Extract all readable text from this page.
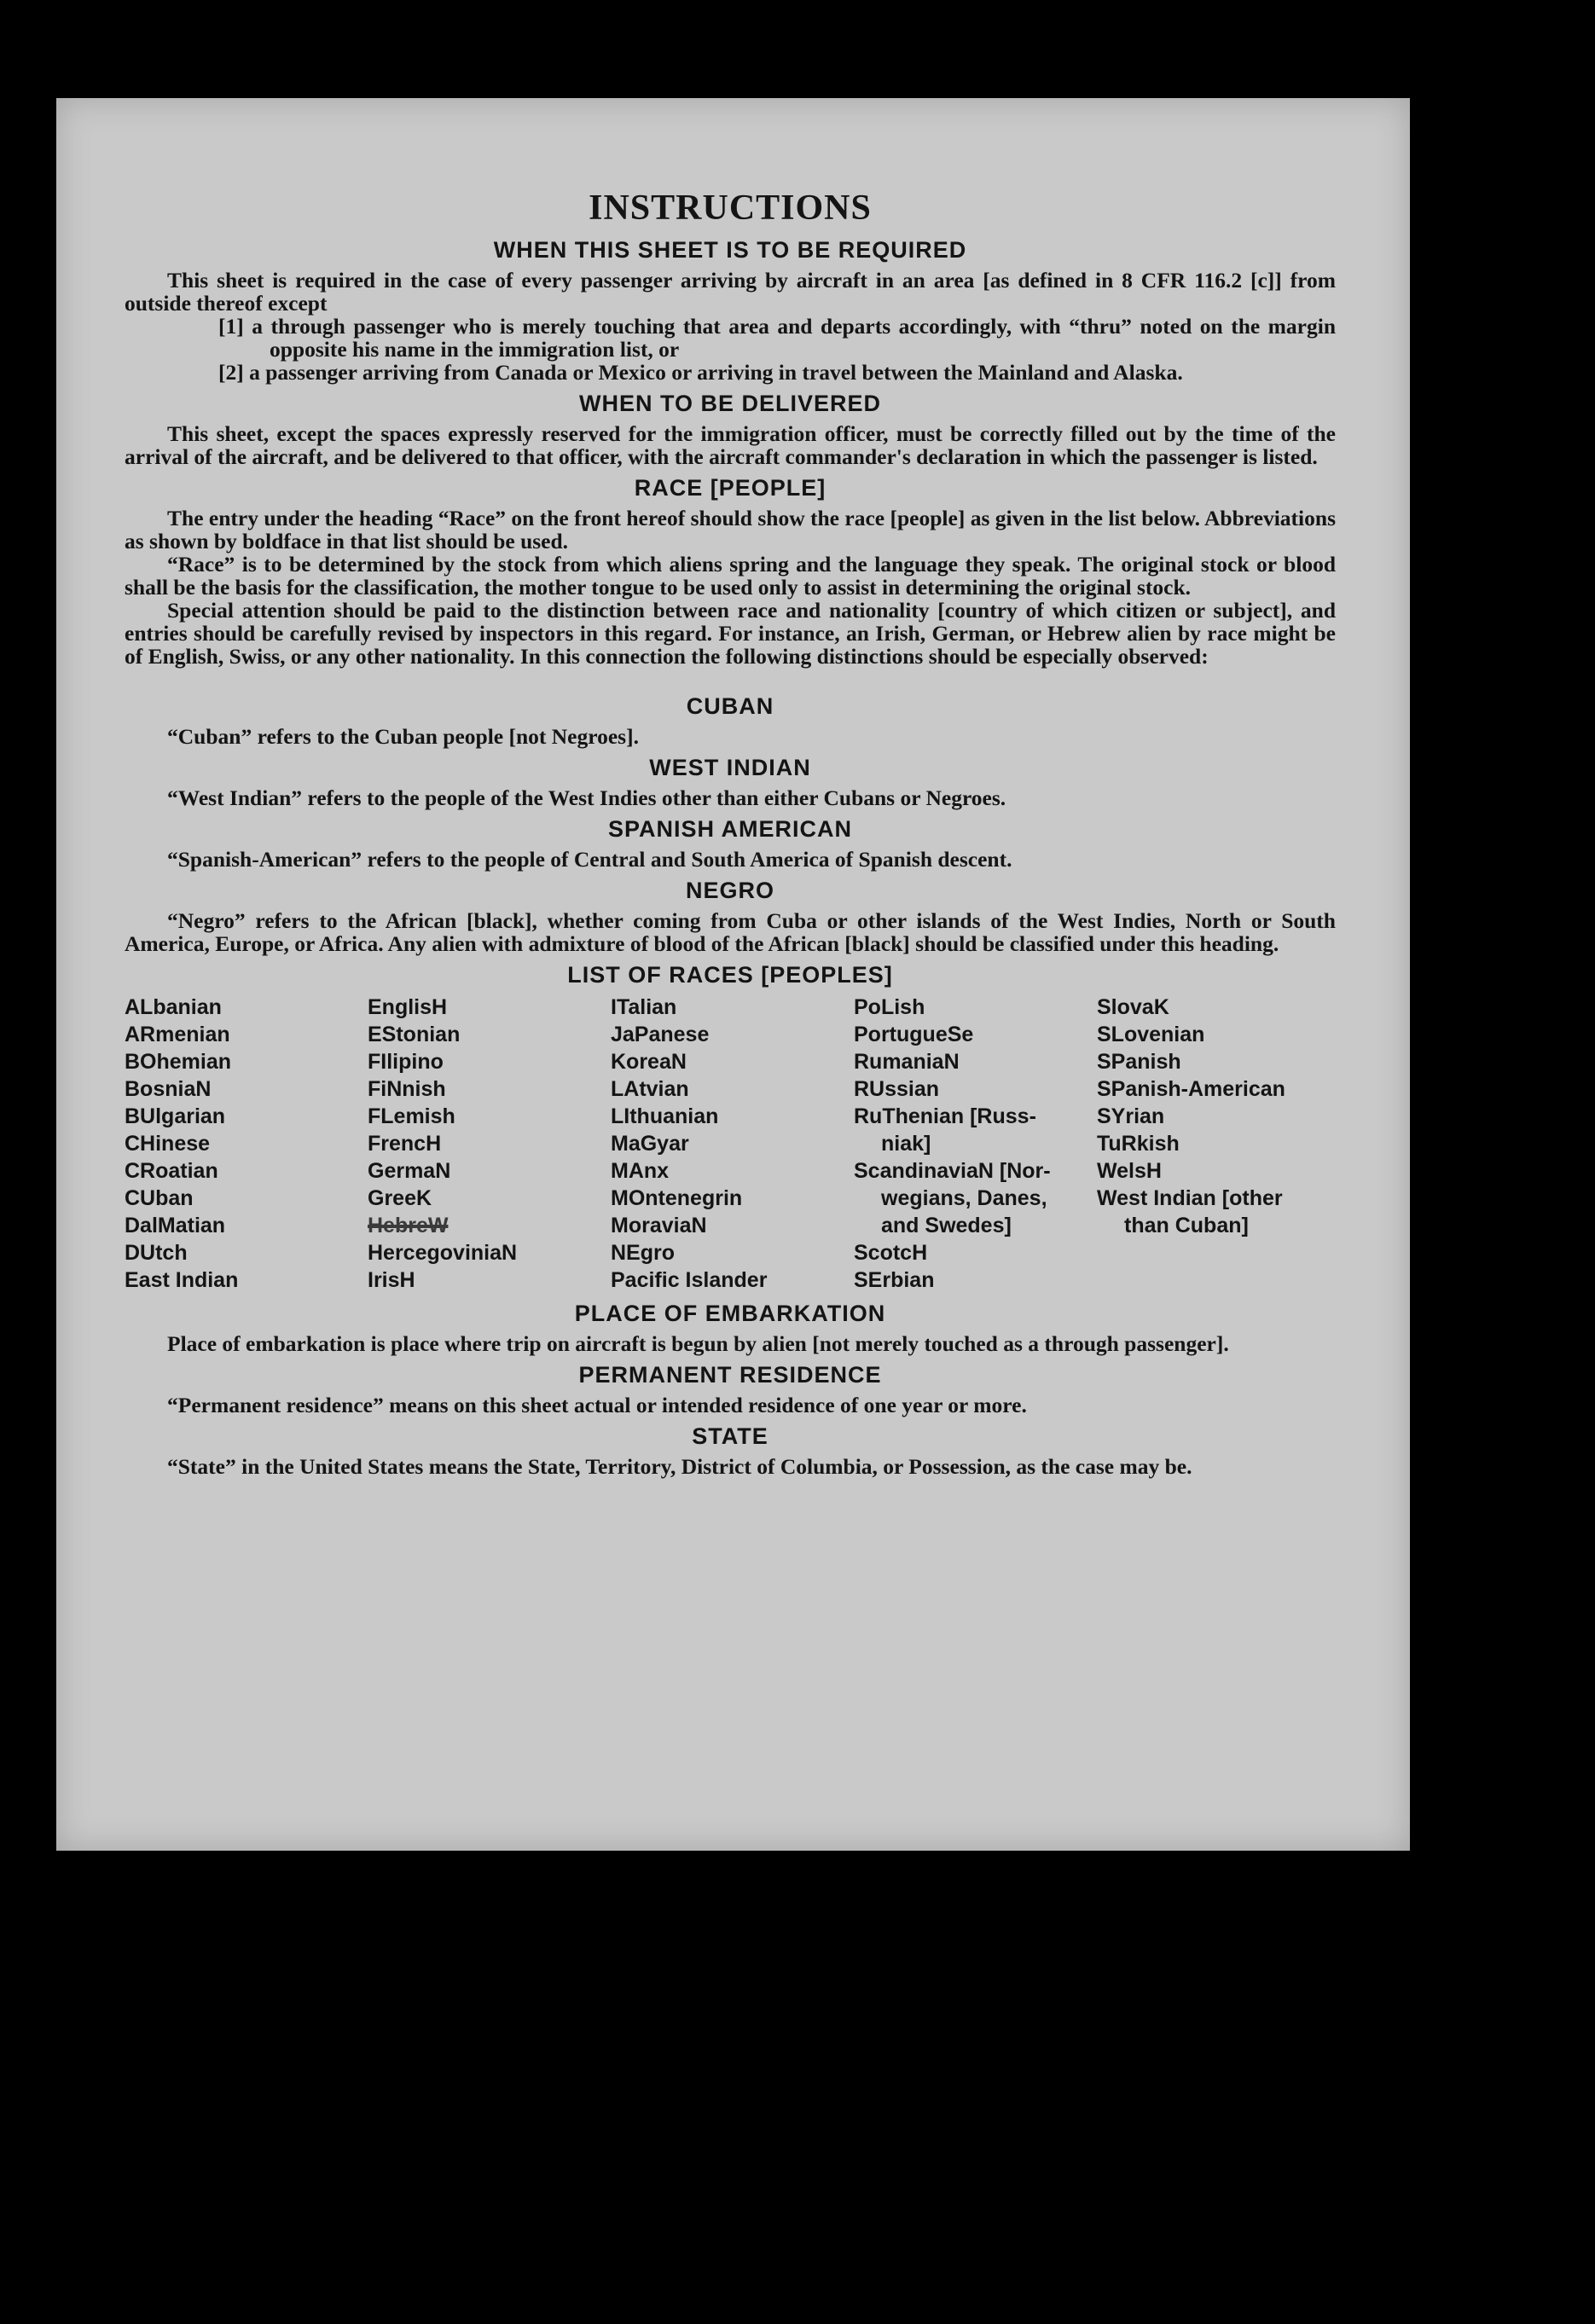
INSTRUCTIONS
WHEN THIS SHEET IS TO BE REQUIRED

This sheet is required in the case of every passenger arriving by aircraft in an area [as defined in 8 CFR 116.2 [c]] from outside thereof except

[1] a through passenger who is merely touching that area and departs accordingly, with “thru” noted on the margin opposite his name in the immigration list, or

[2] a passenger arriving from Canada or Mexico or arriving in travel between the Mainland and Alaska.

WHEN TO BE DELIVERED

This sheet, except the spaces expressly reserved for the immigration officer, must be correctly filled out by the time of the arrival of the aircraft, and be delivered to that officer, with the aircraft commander's declaration in which the passenger is listed.

RACE [PEOPLE]

The entry under the heading “Race” on the front hereof should show the race [people] as given in the list below. Abbreviations as shown by boldface in that list should be used.

“Race” is to be determined by the stock from which aliens spring and the language they speak. The original stock or blood shall be the basis for the classification, the mother tongue to be used only to assist in determining the original stock.

Special attention should be paid to the distinction between race and nationality [country of which citizen or subject], and entries should be carefully revised by inspectors in this regard. For instance, an Irish, German, or Hebrew alien by race might be of English, Swiss, or any other nationality. In this connection the following distinctions should be especially observed:

CUBAN

“Cuban” refers to the Cuban people [not Negroes].

WEST INDIAN

“West Indian” refers to the people of the West Indies other than either Cubans or Negroes.

SPANISH AMERICAN

“Spanish-American” refers to the people of Central and South America of Spanish descent.

NEGRO

“Negro” refers to the African [black], whether coming from Cuba or other islands of the West Indies, North or South America, Europe, or Africa. Any alien with admixture of blood of the African [black] should be classified under this heading.

LIST OF RACES [PEOPLES]
ALbanian
ARmenian
BOhemian
BosniaN
BUlgarian
CHinese
CRoatian
CUban
DalMatian
DUtch
East Indian
EnglisH
EStonian
FIlipino
FiNnish
FLemish
FrencH
GermaN
GreeK
HebreW
HercegoviniaN
IrisH
ITalian
JaPanese
KoreaN
LAtvian
LIthuanian
MaGyar
MAnx
MOntenegrin
MoraviaN
NEgro
Pacific Islander
PoLish
PortugueSe
RumaniaN
RUssian
RuThenian [Russ-
niak]
ScandinaviaN [Nor-
wegians, Danes,
and Swedes]
ScotcH
SErbian
SlovaK
SLovenian
SPanish
SPanish-American
SYrian
TuRkish
WelsH
West Indian [other
than Cuban]
PLACE OF EMBARKATION

Place of embarkation is place where trip on aircraft is begun by alien [not merely touched as a through passenger].

PERMANENT RESIDENCE

“Permanent residence” means on this sheet actual or intended residence of one year or more.

STATE

“State” in the United States means the State, Territory, District of Columbia, or Possession, as the case may be.
